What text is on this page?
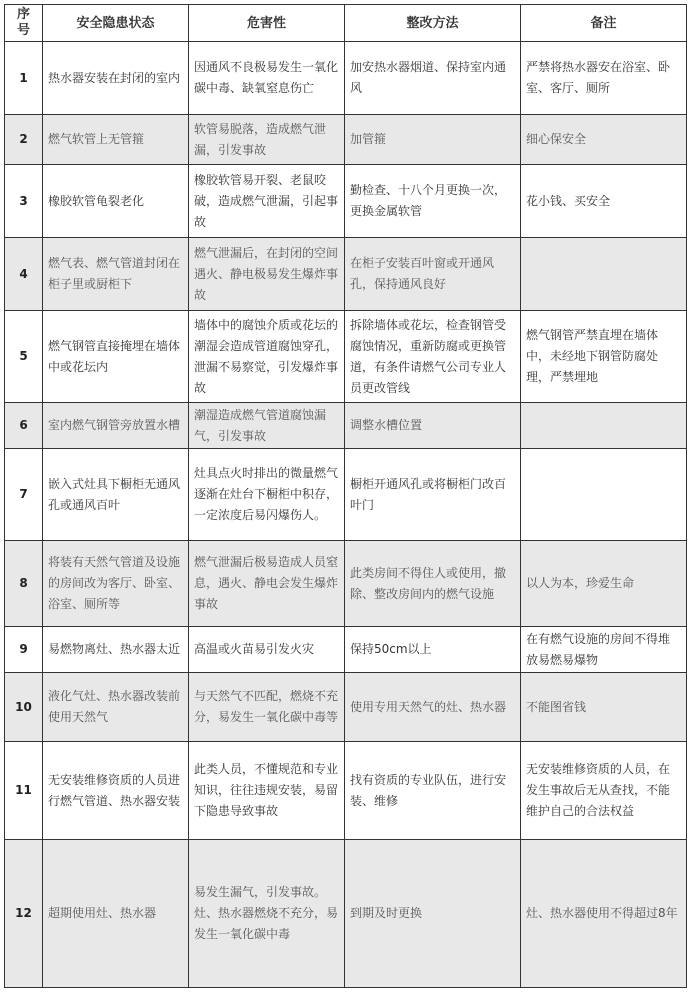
序号	安全隐患状态	危害性	整改方法	备注
1	热水器安装在封闭的室内	因通风不良极易发生一氧化碳中毒、缺氧窒息伤亡	加安热水器烟道、保持室内通风	严禁将热水器安在浴室、卧室、客厅、厕所
2	燃气软管上无管箍	软管易脱落，造成燃气泄漏，引发事故	加管箍	细心保安全
3	橡胶软管龟裂老化	橡胶软管易开裂、老鼠咬破，造成燃气泄漏，引起事故	勤检查、十八个月更换一次，更换金属软管	花小钱、买安全
4	燃气表、燃气管道封闭在柜子里或厨柜下	燃气泄漏后，在封闭的空间遇火、静电极易发生爆炸事故	在柜子安装百叶窗或开通风孔，保持通风良好	
5	燃气钢管直接掩埋在墙体中或花坛内	墙体中的腐蚀介质或花坛的潮湿会造成管道腐蚀穿孔，泄漏不易察觉，引发爆炸事故	拆除墙体或花坛，检查钢管受腐蚀情况，重新防腐或更换管道，有条件请燃气公司专业人员更改管线	燃气钢管严禁直埋在墙体中，未经地下钢管防腐处理，严禁埋地
6	室内燃气钢管旁放置水槽	潮湿造成燃气管道腐蚀漏气，引发事故	调整水槽位置	
7	嵌入式灶具下橱柜无通风孔或通风百叶	灶具点火时排出的微量燃气逐渐在灶台下橱柜中积存，一定浓度后易闪爆伤人。	橱柜开通风孔或将橱柜门改百叶门	
8	将装有天然气管道及设施的房间改为客厅、卧室、浴室、厕所等	燃气泄漏后极易造成人员窒息，遇火、静电会发生爆炸事故	此类房间不得住人或使用，撤除、整改房间内的燃气设施	以人为本，珍爱生命
9	易燃物离灶、热水器太近	高温或火苗易引发火灾	保持50cm以上	在有燃气设施的房间不得堆放易燃易爆物
10	液化气灶、热水器改装前使用天然气	与天然气不匹配，燃烧不充分，易发生一氧化碳中毒等	使用专用天然气的灶、热水器	不能图省钱
11	无安装维修资质的人员进行燃气管道、热水器安装	此类人员，不懂规范和专业知识，往往违规安装，易留下隐患导致事故	找有资质的专业队伍，进行安装、维修	无安装维修资质的人员，在发生事故后无从查找，不能维护自己的合法权益
12	超期使用灶、热水器	易发生漏气，引发事故。灶、热水器燃烧不充分，易发生一氧化碳中毒	到期及时更换	灶、热水器使用不得超过8年
